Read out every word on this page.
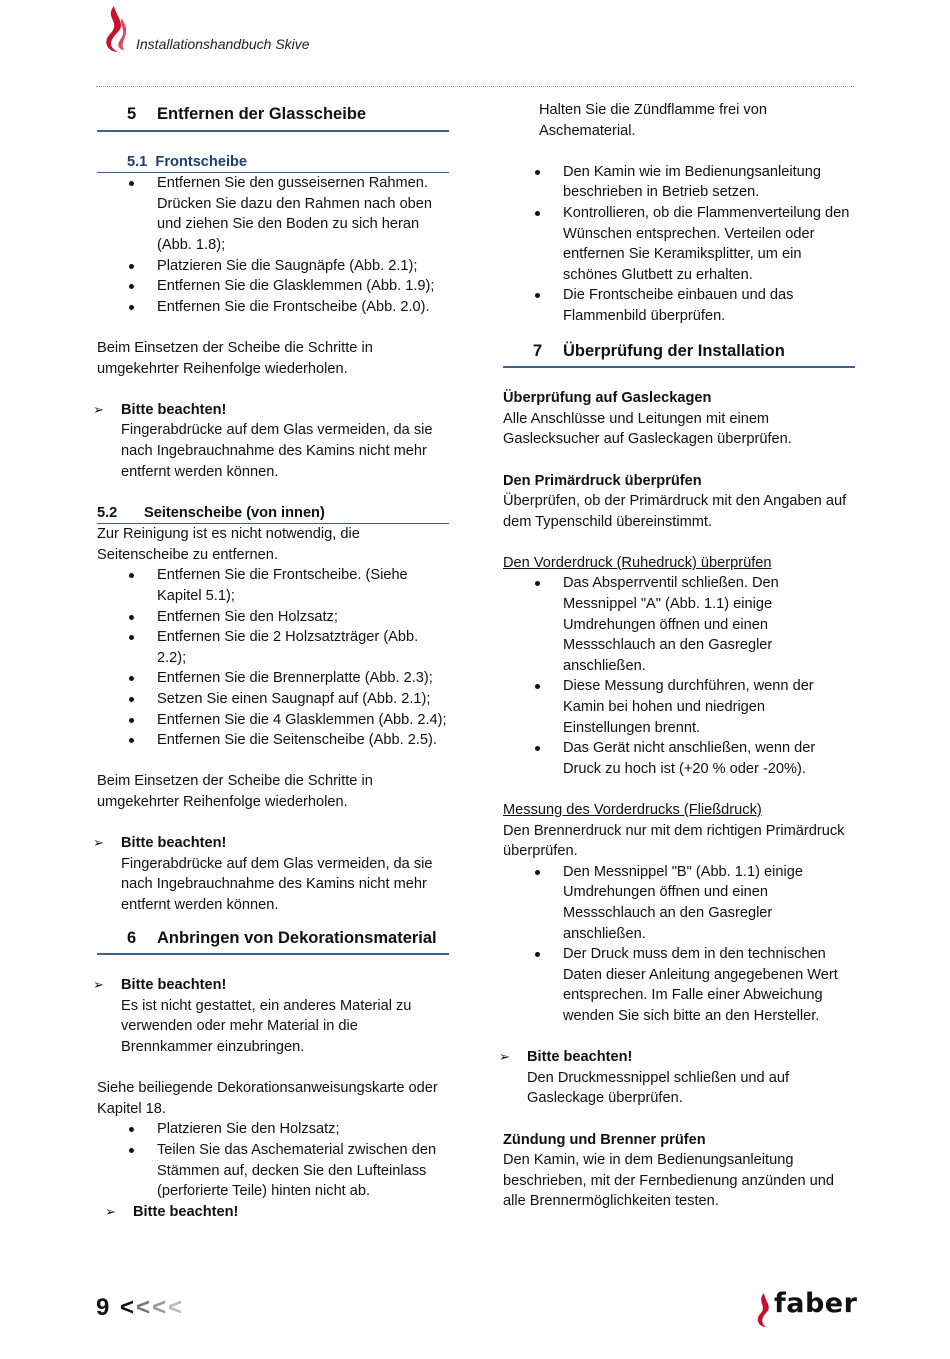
Installationshandbuch Skive
5 Entfernen der Glasscheibe
5.1 Frontscheibe
Entfernen Sie den gusseisernen Rahmen. Drücken Sie dazu den Rahmen nach oben und ziehen Sie den Boden zu sich heran (Abb. 1.8);
Platzieren Sie die Saugnäpfe (Abb. 2.1);
Entfernen Sie die Glasklemmen (Abb. 1.9);
Entfernen Sie die Frontscheibe (Abb. 2.0).

Beim Einsetzen der Scheibe die Schritte in umgekehrter Reihenfolge wiederholen.

➢ Bitte beachten!
Fingerabdrücke auf dem Glas vermeiden, da sie nach Ingebrauchnahme des Kamins nicht mehr entfernt werden können.
5.2 Seitenscheibe (von innen)

Zur Reinigung ist es nicht notwendig, die Seitenscheibe zu entfernen.

Entfernen Sie die Frontscheibe. (Siehe Kapitel 5.1);
Entfernen Sie den Holzsatz;
Entfernen Sie die 2 Holzsatzträger (Abb. 2.2);
Entfernen Sie die Brennerplatte (Abb. 2.3);
Setzen Sie einen Saugnapf auf (Abb. 2.1);
Entfernen Sie die 4 Glasklemmen (Abb. 2.4);
Entfernen Sie die Seitenscheibe (Abb. 2.5).

Beim Einsetzen der Scheibe die Schritte in umgekehrter Reihenfolge wiederholen.

➢ Bitte beachten!
Fingerabdrücke auf dem Glas vermeiden, da sie nach Ingebrauchnahme des Kamins nicht mehr entfernt werden können.
6 Anbringen von Dekorationsmaterial
➢ Bitte beachten!
Es ist nicht gestattet, ein anderes Material zu verwenden oder mehr Material in die Brennkammer einzubringen.

Siehe beiliegende Dekorationsanweisungskarte oder Kapitel 18.

Platzieren Sie den Holzsatz;
Teilen Sie das Aschematerial zwischen den Stämmen auf, decken Sie den Lufteinlass (perforierte Teile) hinten nicht ab.
➢ Bitte beachten!

Halten Sie die Zündflamme frei von Aschematerial.

Den Kamin wie im Bedienungsanleitung beschrieben in Betrieb setzen.
Kontrollieren, ob die Flammenverteilung den Wünschen entsprechen. Verteilen oder entfernen Sie Keramiksplitter, um ein schönes Glutbett zu erhalten.
Die Frontscheibe einbauen und das Flammenbild überprüfen.
7 Überprüfung der Installation

Überprüfung auf Gasleckagen

Alle Anschlüsse und Leitungen mit einem Gaslecksucher auf Gasleckagen überprüfen.

Den Primärdruck überprüfen

Überprüfen, ob der Primärdruck mit den Angaben auf dem Typenschild übereinstimmt.

Den Vorderdruck (Ruhedruck) überprüfen

Das Absperrventil schließen. Den Messnippel "A" (Abb. 1.1) einige Umdrehungen öffnen und einen Messschlauch an den Gasregler anschließen.
Diese Messung durchführen, wenn der Kamin bei hohen und niedrigen Einstellungen brennt.
Das Gerät nicht anschließen, wenn der Druck zu hoch ist (+20 % oder -20%).

Messung des Vorderdrucks (Fließdruck)

Den Brennerdruck nur mit dem richtigen Primärdruck überprüfen.

Den Messnippel "B" (Abb. 1.1) einige Umdrehungen öffnen und einen Messschlauch an den Gasregler anschließen.
Der Druck muss dem in den technischen Daten dieser Anleitung angegebenen Wert entsprechen. Im Falle einer Abweichung wenden Sie sich bitte an den Hersteller.
➢ Bitte beachten!
Den Druckmessnippel schließen und auf Gasleckage überprüfen.

Zündung und Brenner prüfen

Den Kamin, wie in dem Bedienungsanleitung beschrieben, mit der Fernbedienung anzünden und alle Brennermöglichkeiten testen.

9 <<<<	faber
